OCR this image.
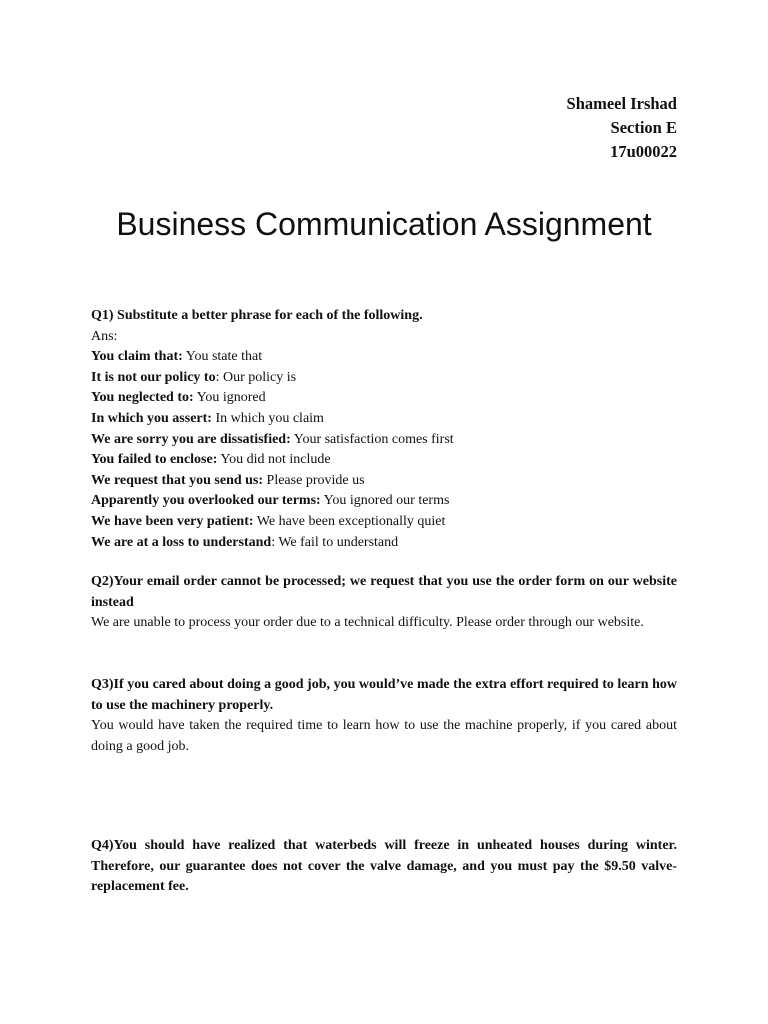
Shameel Irshad
Section E
17u00022
Business Communication Assignment
Q1) Substitute a better phrase for each of the following.
Ans:
You claim that: You state that
It is not our policy to: Our policy is
You neglected to: You ignored
In which you assert: In which you claim
We are sorry you are dissatisfied: Your satisfaction comes first
You failed to enclose: You did not include
We request that you send us: Please provide us
Apparently you overlooked our terms: You ignored our terms
We have been very patient: We have been exceptionally quiet
We are at a loss to understand: We fail to understand
Q2)Your email order cannot be processed; we request that you use the order form on our website instead
We are unable to process your order due to a technical difficulty. Please order through our website.
Q3)If you cared about doing a good job, you would’ve made the extra effort required to learn how to use the machinery properly.
You would have taken the required time to learn how to use the machine properly, if you cared about doing a good job.
Q4)You should have realized that waterbeds will freeze in unheated houses during winter. Therefore, our guarantee does not cover the valve damage, and you must pay the $9.50 valve-replacement fee.
